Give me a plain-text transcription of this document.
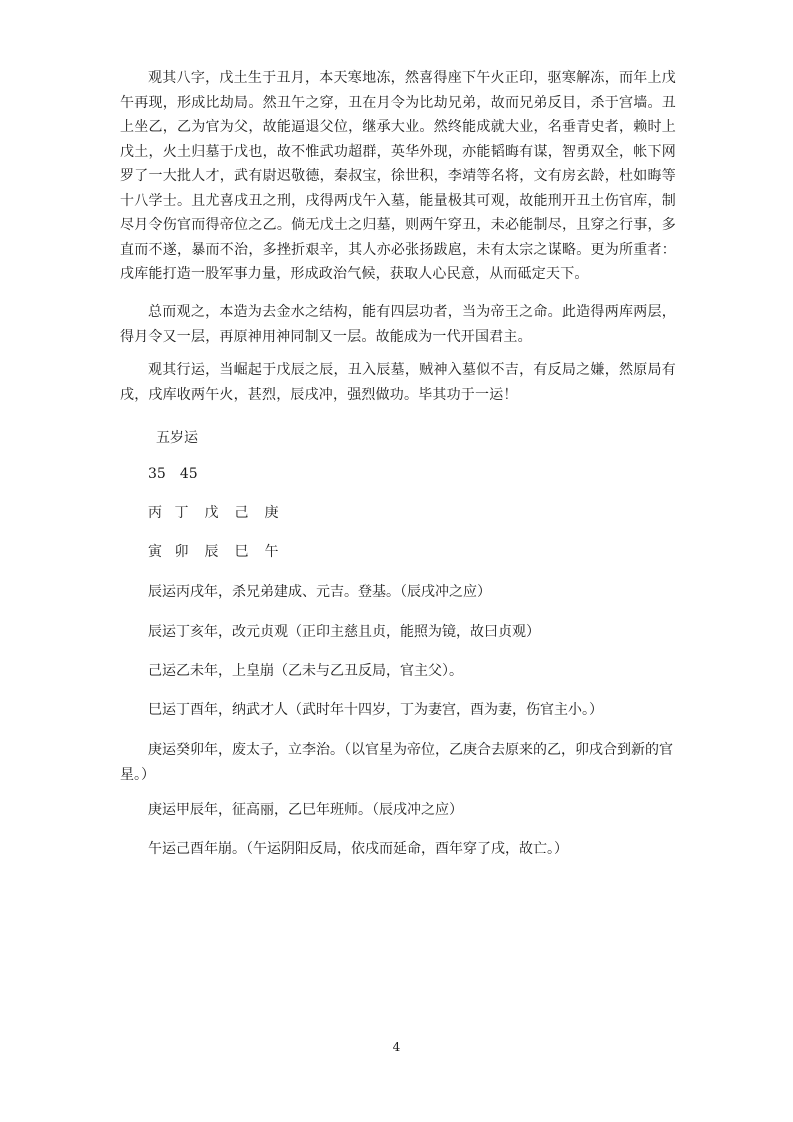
观其八字，戊土生于丑月，本天寒地冻，然喜得座下午火正印，驱寒解冻，而年上戊午再现，形成比劫局。然丑午之穿，丑在月令为比劫兄弟，故而兄弟反目，杀于宫墙。丑上坐乙，乙为官为父，故能逼退父位，继承大业。然终能成就大业，名垂青史者，赖时上戊土，火土归墓于戊也，故不惟武功超群，英华外现，亦能韬晦有谋，智勇双全，帐下网罗了一大批人才，武有尉迟敬德，秦叔宝，徐世积，李靖等名将，文有房玄龄，杜如晦等十八学士。且尤喜戌丑之刑，戌得两戊午入墓，能量极其可观，故能刑开丑土伤官库，制尽月令伤官而得帝位之乙。倘无戊土之归墓，则两午穿丑，未必能制尽，且穿之行事，多直而不遂，暴而不治，多挫折艰辛，其人亦必张扬跋扈，未有太宗之谋略。更为所重者：戌库能打造一股军事力量，形成政治气候，获取人心民意，从而砥定天下。

总而观之，本造为去金水之结构，能有四层功者，当为帝王之命。此造得两库两层，得月令又一层，再原神用神同制又一层。故能成为一代开国君主。

观其行运，当崛起于戊辰之辰，丑入辰墓，贼神入墓似不吉，有反局之嫌，然原局有戌，戌库收两午火，甚烈，辰戌冲，强烈做功。毕其功于一运！

五岁运

35　45

丙 丁　戊　己　庚

寅 卯　辰　巳　午

辰运丙戌年，杀兄弟建成、元吉。登基。（辰戌冲之应）

辰运丁亥年，改元贞观（正印主慈且贞，能照为镜，故曰贞观）

己运乙未年，上皇崩（乙未与乙丑反局，官主父）。

巳运丁酉年，纳武才人（武时年十四岁，丁为妻宫，酉为妻，伤官主小。）

庚运癸卯年，废太子，立李治。（以官星为帝位，乙庚合去原来的乙，卯戌合到新的官星。）

庚运甲辰年，征高丽，乙巳年班师。（辰戌冲之应）

午运己酉年崩。（午运阴阳反局，依戌而延命，酉年穿了戌，故亡。）

4
